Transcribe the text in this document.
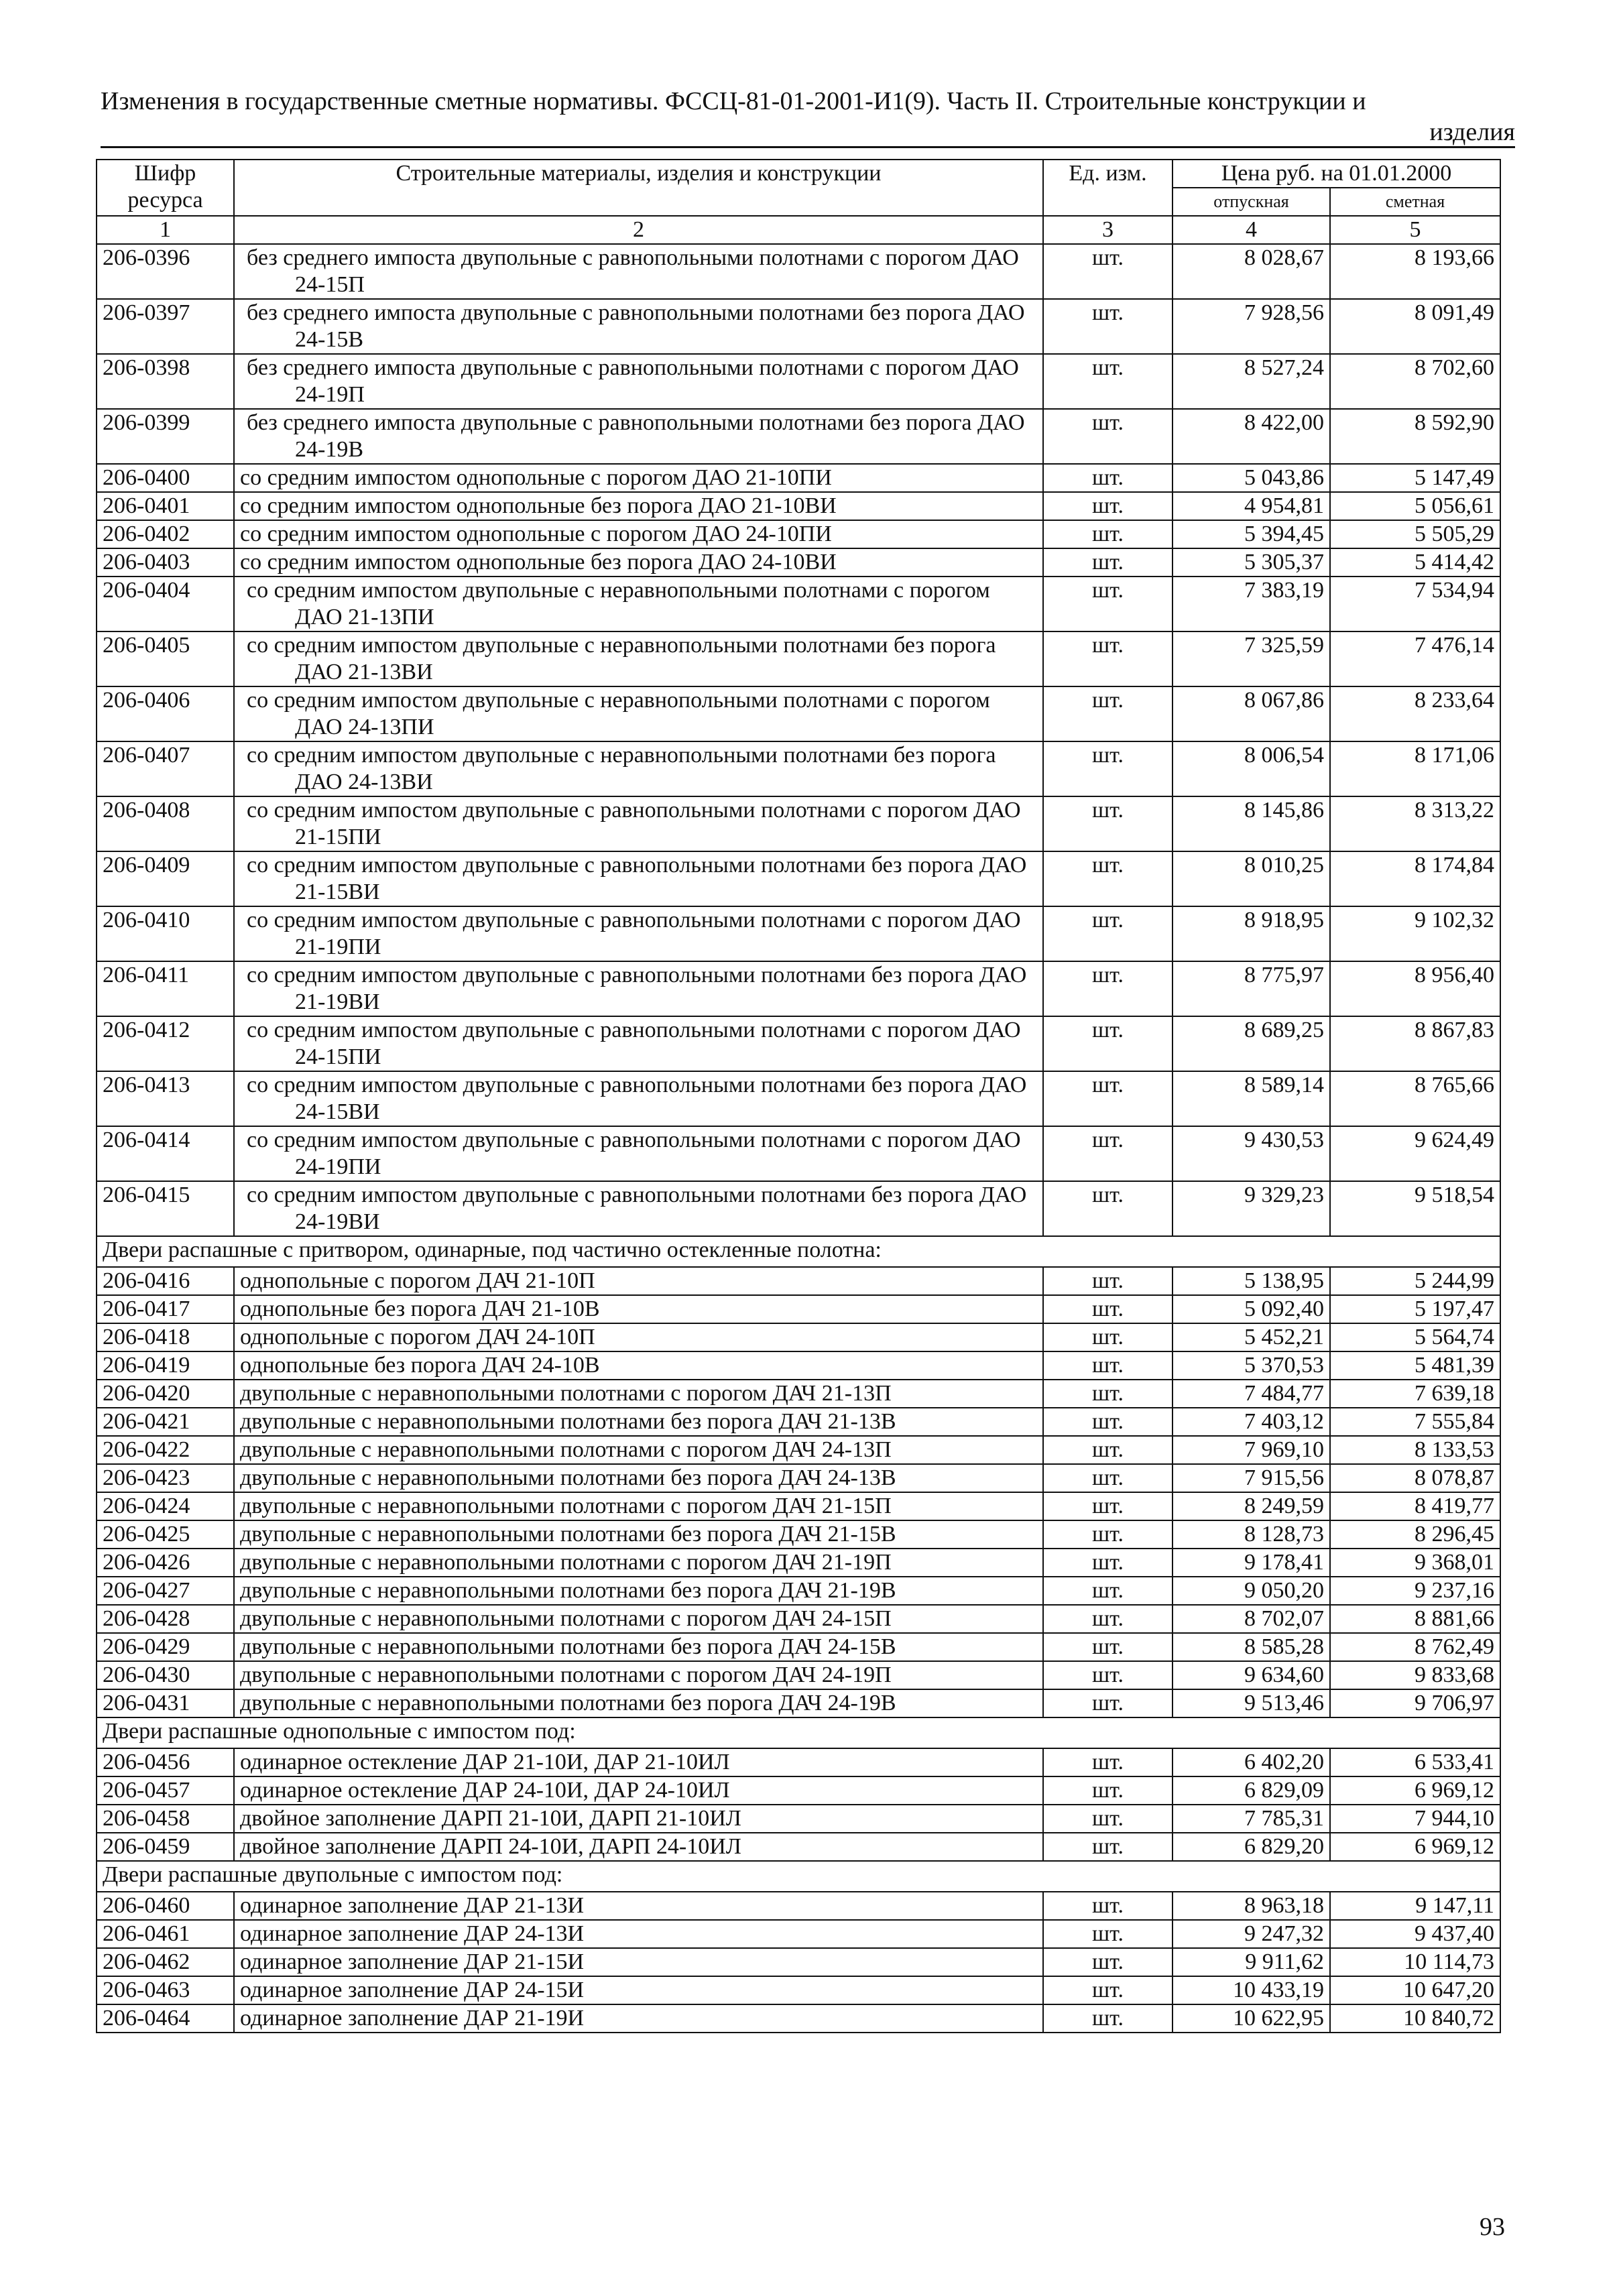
Изменения в государственные сметные нормативы. ФССЦ-81-01-2001-И1(9). Часть II. Строительные конструкции и
изделия
Шифр ресурса	Строительные материалы, изделия и конструкции	Ед. изм.	Цена руб. на 01.01.2000	
			отпускная	сметная
1	2	3	4	5
206-0396	без среднего импоста двупольные с равнопольными полотнами с порогом ДАО 24-15П	шт.	8 028,67	8 193,66
206-0397	без среднего импоста двупольные с равнопольными полотнами без порога ДАО 24-15В	шт.	7 928,56	8 091,49
206-0398	без среднего импоста двупольные с равнопольными полотнами с порогом ДАО 24-19П	шт.	8 527,24	8 702,60
206-0399	без среднего импоста двупольные с равнопольными полотнами без порога ДАО 24-19В	шт.	8 422,00	8 592,90
206-0400	со средним импостом однопольные с порогом ДАО 21-10ПИ	шт.	5 043,86	5 147,49
206-0401	со средним импостом однопольные без порога ДАО 21-10ВИ	шт.	4 954,81	5 056,61
206-0402	со средним импостом однопольные с порогом ДАО 24-10ПИ	шт.	5 394,45	5 505,29
206-0403	со средним импостом однопольные без порога ДАО 24-10ВИ	шт.	5 305,37	5 414,42
206-0404	со средним импостом двупольные с неравнопольными полотнами с порогом ДАО 21-13ПИ	шт.	7 383,19	7 534,94
206-0405	со средним импостом двупольные с неравнопольными полотнами без порога ДАО 21-13ВИ	шт.	7 325,59	7 476,14
206-0406	со средним импостом двупольные с неравнопольными полотнами с порогом ДАО 24-13ПИ	шт.	8 067,86	8 233,64
206-0407	со средним импостом двупольные с неравнопольными полотнами без порога ДАО 24-13ВИ	шт.	8 006,54	8 171,06
206-0408	со средним импостом двупольные с равнопольными полотнами с порогом ДАО 21-15ПИ	шт.	8 145,86	8 313,22
206-0409	со средним импостом двупольные с равнопольными полотнами без порога ДАО 21-15ВИ	шт.	8 010,25	8 174,84
206-0410	со средним импостом двупольные с равнопольными полотнами с порогом ДАО 21-19ПИ	шт.	8 918,95	9 102,32
206-0411	со средним импостом двупольные с равнопольными полотнами без порога ДАО 21-19ВИ	шт.	8 775,97	8 956,40
206-0412	со средним импостом двупольные с равнопольными полотнами с порогом ДАО 24-15ПИ	шт.	8 689,25	8 867,83
206-0413	со средним импостом двупольные с равнопольными полотнами без порога ДАО 24-15ВИ	шт.	8 589,14	8 765,66
206-0414	со средним импостом двупольные с равнопольными полотнами с порогом ДАО 24-19ПИ	шт.	9 430,53	9 624,49
206-0415	со средним импостом двупольные с равнопольными полотнами без порога ДАО 24-19ВИ	шт.	9 329,23	9 518,54
Двери распашные с притвором, одинарные, под частично остекленные полотна:				
206-0416	однопольные с порогом ДАЧ 21-10П	шт.	5 138,95	5 244,99
206-0417	однопольные без порога ДАЧ 21-10В	шт.	5 092,40	5 197,47
206-0418	однопольные с порогом ДАЧ 24-10П	шт.	5 452,21	5 564,74
206-0419	однопольные без порога ДАЧ 24-10В	шт.	5 370,53	5 481,39
206-0420	двупольные с неравнопольными полотнами с порогом ДАЧ 21-13П	шт.	7 484,77	7 639,18
206-0421	двупольные с неравнопольными полотнами без порога ДАЧ 21-13В	шт.	7 403,12	7 555,84
206-0422	двупольные с неравнопольными полотнами с порогом ДАЧ 24-13П	шт.	7 969,10	8 133,53
206-0423	двупольные с неравнопольными полотнами без порога ДАЧ 24-13В	шт.	7 915,56	8 078,87
206-0424	двупольные с неравнопольными полотнами с порогом ДАЧ 21-15П	шт.	8 249,59	8 419,77
206-0425	двупольные с неравнопольными полотнами без порога ДАЧ 21-15В	шт.	8 128,73	8 296,45
206-0426	двупольные с неравнопольными полотнами с порогом ДАЧ 21-19П	шт.	9 178,41	9 368,01
206-0427	двупольные с неравнопольными полотнами без порога ДАЧ 21-19В	шт.	9 050,20	9 237,16
206-0428	двупольные с неравнопольными полотнами с порогом ДАЧ 24-15П	шт.	8 702,07	8 881,66
206-0429	двупольные с неравнопольными полотнами без порога ДАЧ 24-15В	шт.	8 585,28	8 762,49
206-0430	двупольные с неравнопольными полотнами с порогом ДАЧ 24-19П	шт.	9 634,60	9 833,68
206-0431	двупольные с неравнопольными полотнами без порога ДАЧ 24-19В	шт.	9 513,46	9 706,97
Двери распашные однопольные с импостом под:				
206-0456	одинарное остекление ДАР 21-10И, ДАР 21-10ИЛ	шт.	6 402,20	6 533,41
206-0457	одинарное остекление ДАР 24-10И, ДАР 24-10ИЛ	шт.	6 829,09	6 969,12
206-0458	двойное заполнение ДАРП 21-10И, ДАРП 21-10ИЛ	шт.	7 785,31	7 944,10
206-0459	двойное заполнение ДАРП 24-10И, ДАРП 24-10ИЛ	шт.	6 829,20	6 969,12
Двери распашные двупольные с импостом под:				
206-0460	одинарное заполнение ДАР 21-13И	шт.	8 963,18	9 147,11
206-0461	одинарное заполнение ДАР 24-13И	шт.	9 247,32	9 437,40
206-0462	одинарное заполнение ДАР 21-15И	шт.	9 911,62	10 114,73
206-0463	одинарное заполнение ДАР 24-15И	шт.	10 433,19	10 647,20
206-0464	одинарное заполнение ДАР 21-19И	шт.	10 622,95	10 840,72
93
